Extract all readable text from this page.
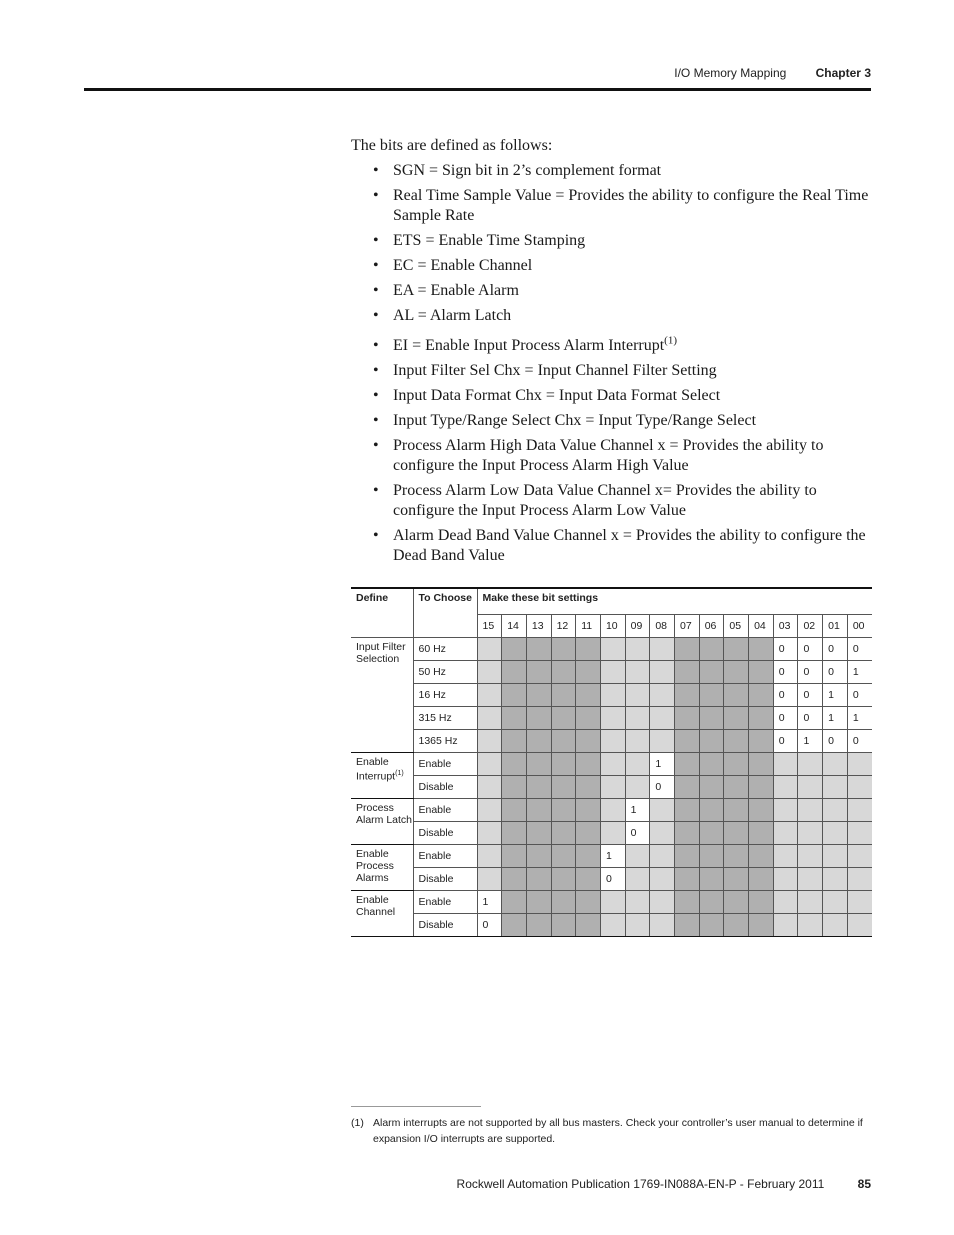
I/O Memory Mapping Chapter 3
The bits are defined as follows:
• SGN = Sign bit in 2’s complement format
• Real Time Sample Value = Provides the ability to configure the Real Time Sample Rate
• ETS = Enable Time Stamping
• EC = Enable Channel
• EA = Enable Alarm
• AL = Alarm Latch
• EI = Enable Input Process Alarm Interrupt$^{(1)}$
• Input Filter Sel Chx = Input Channel Filter Setting
• Input Data Format Chx = Input Data Format Select
• Input Type/Range Select Chx = Input Type/Range Select
• Process Alarm High Data Value Channel x = Provides the ability to configure the Input Process Alarm High Value
• Process Alarm Low Data Value Channel x= Provides the ability to configure the Input Process Alarm Low Value
• Alarm Dead Band Value Channel x = Provides the ability to configure the Dead Band Value
Define	To Choose	Make these bit settings															
		15	14	13	12	11	10	09	08	07	06	05	04	03	02	01	00
Input Filter Selection	60 Hz													0	0	0	0
	50 Hz													0	0	0	1
	16 Hz													0	0	1	0
	315 Hz													0	0	1	1
	1365 Hz													0	1	0	0
Enable Interrupt$^{(1)}$	Enable								1								
	Disable								0								
Process Alarm Latch	Enable							1									
	Disable							0									
Enable Process Alarms	Enable						1										
	Disable						0										
Enable Channel	Enable	1															
	Disable	0															
(1) Alarm interrupts are not supported by all bus masters. Check your controller’s user manual to determine if expansion I/O interrupts are supported.
Rockwell Automation Publication 1769-IN088A-EN-P - February 2011	85
